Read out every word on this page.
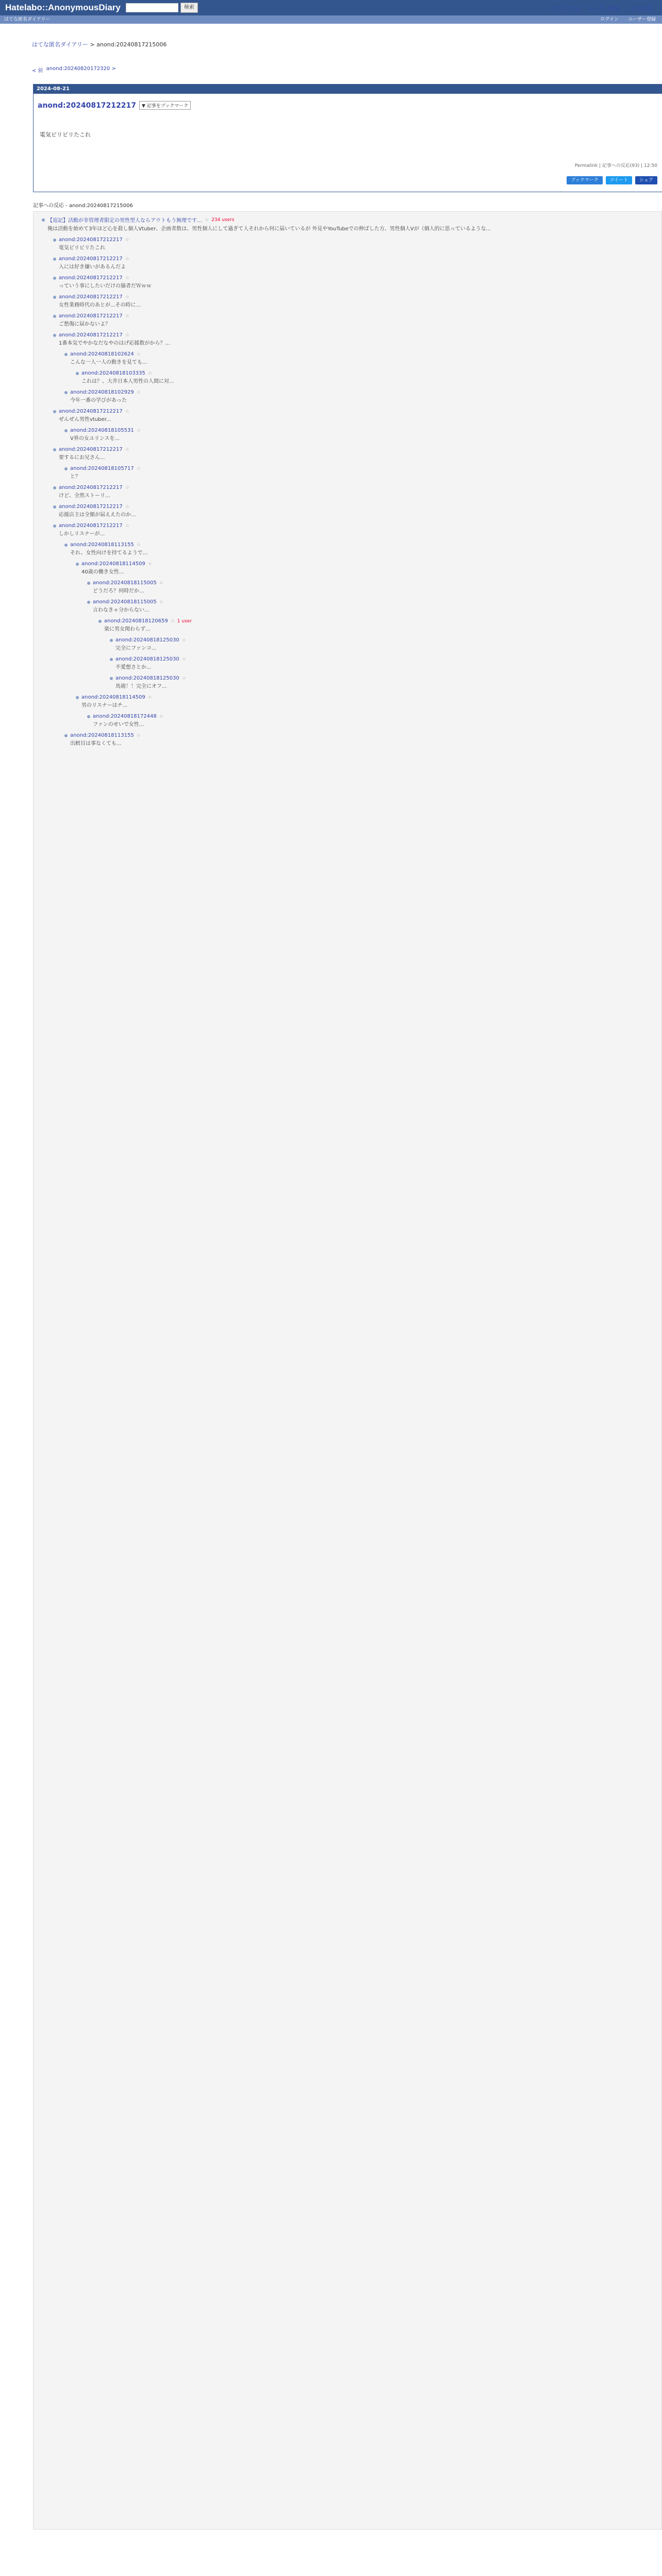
Hatelabo::AnonymousDiary	検索	ログインする ユーザー登録 こども用語
はてな匿名ダイアリー	ログイン ユーザー登録
はてな匿名ダイアリー > anond:20240817215006
< 前 anond:20240820172320 >
2024-08-21
anond:20240817212217	▼ 記事をブックマーク
電気ビリビリたこれ
Permalink | 記事への反応(93) | 12:50
ブックマーク	ツイート	シェア
記事への反応 - anond:20240817215006
【追記】活動が非管理者限定の男性型人ならアウトもう無理です… ☆ 234 users
俺は活動を始めて3年ほど心を殺し個人Vtuber、企画者数は、男性個人にして過ぎて人それから何に届いているが 外見やYouTubeでの伸ばした方、男性個人Vが（個人的に思っているような...
anond:20240817212217 ☆
電気ビリビリたこれ
anond:20240817212217 ☆
入には好き嫌いがあるんだよ
anond:20240817212217 ☆
っていう事にしたいだけの猫者だＷｗｗ
anond:20240817212217 ☆
女性業務時代のあとが...その時に...
anond:20240817212217 ☆
ご愁傷に届かないよ？
anond:20240817212217 ☆
1番本気でやかなだなやのはげ応援数がから？...
anond:20240818102624 ☆
こんな一人一人の動きを見ても...
anond:20240818103335 ☆
これは？、大井日本人男性の人間に対...
anond:20240818102929 ☆
今年一番の学びがあった
anond:20240817212217 ☆
ぜんぜん男性vtuber...
anond:20240818105531 ☆
V界の女ユリンスを...
anond:20240817212217 ☆
要するにお兄さん...
anond:20240818105717 ☆
と？
anond:20240817212217 ☆
けど、全然ストーリ...
anond:20240817212217 ☆
応援店主は全額が届ええたのか...
anond:20240817212217 ☆
しかしリスナーが...
anond:20240818113155 ☆
それ、女性向けを持てるようで...
anond:20240818114509 ☆
40歳の働き女性...
anond:20240818115005 ☆
どうだろ？何時だか...
anond:20240818115005 ☆
言わなきゃ分からない...
anond:20240818120659 ☆ 1 user
楽に男女関わらず...
anond:20240818125030 ☆
完全にファンコ...
anond:20240818125030 ☆
不愛想さとか...
anond:20240818125030 ☆
馬鹿！！完全にオフ...
anond:20240818114509 ☆
男のリスナーはチ...
anond:20240818172448 ☆
ファンのせいで女性...
anond:20240818113155 ☆
出鱈目は事なくても...
